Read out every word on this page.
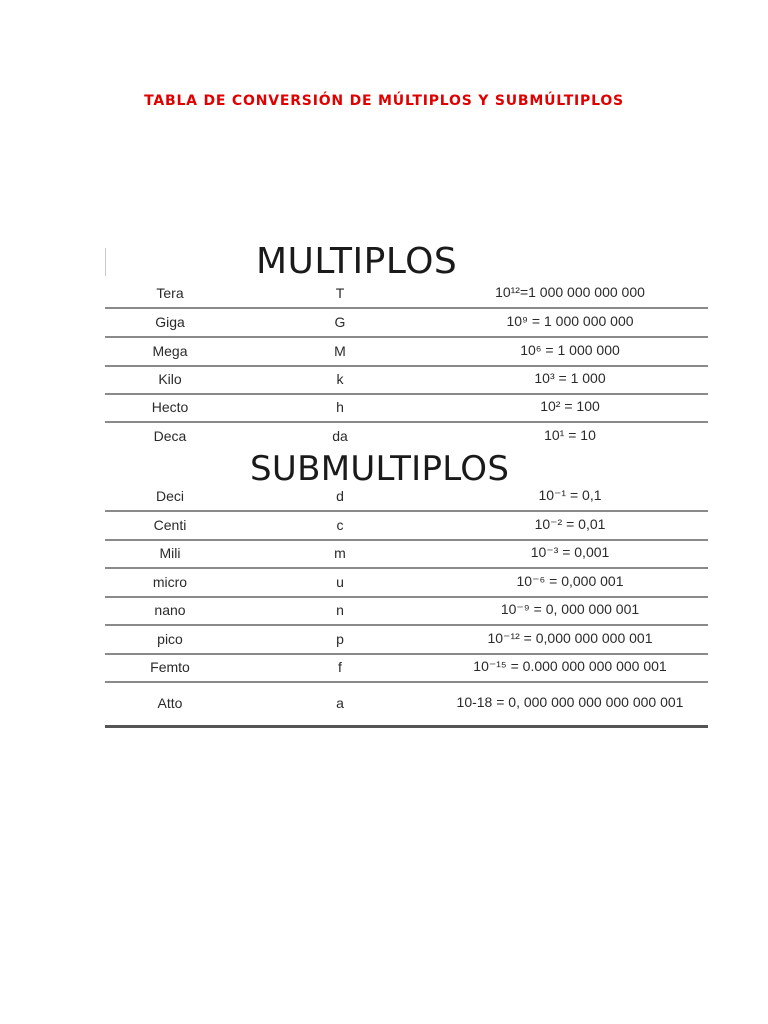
TABLA DE CONVERSIÓN DE MÚLTIPLOS Y SUBMÚLTIPLOS
MULTIPLOS
Tera	T	10¹²=1 000 000 000 000
Giga	G	10⁹ = 1 000 000 000
Mega	M	10⁶ = 1 000 000
Kilo	k	10³ = 1 000
Hecto	h	10² = 100
Deca	da	10¹ = 10
SUBMULTIPLOS
Deci	d	10⁻¹ = 0,1
Centi	c	10⁻² = 0,01
Mili	m	10⁻³ = 0,001
micro	u	10⁻⁶ = 0,000 001
nano	n	10⁻⁹ = 0, 000 000 001
pico	p	10⁻¹² = 0,000 000 000 001
Femto	f	10⁻¹⁵ = 0.000 000 000 000 001
Atto	a	10-18 = 0, 000 000 000 000 000 001
